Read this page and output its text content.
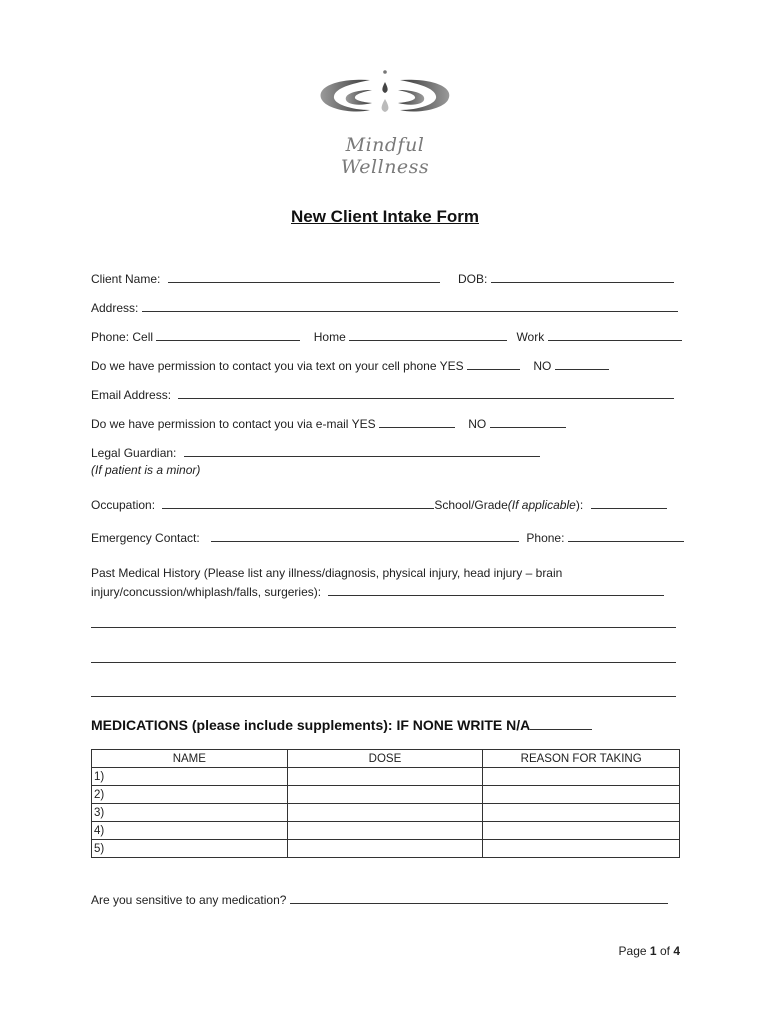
Mindful Wellness
New Client Intake Form
Client Name:	DOB:
Address:
Phone: Cell	Home	Work
Do we have permission to contact you via text on your cell phone YES	NO
Email Address:
Do we have permission to contact you via e-mail YES	NO
Legal Guardian:
(If patient is a minor)
Occupation:	School/Grade(If applicable):
Emergency Contact:	Phone:
Past Medical History (Please list any illness/diagnosis, physical injury, head injury – brain
injury/concussion/whiplash/falls, surgeries):
MEDICATIONS (please include supplements): IF NONE WRITE N/A
NAME	DOSE	REASON FOR TAKING
1)		
2)		
3)		
4)		
5)		
Are you sensitive to any medication?
Page 1 of 4
